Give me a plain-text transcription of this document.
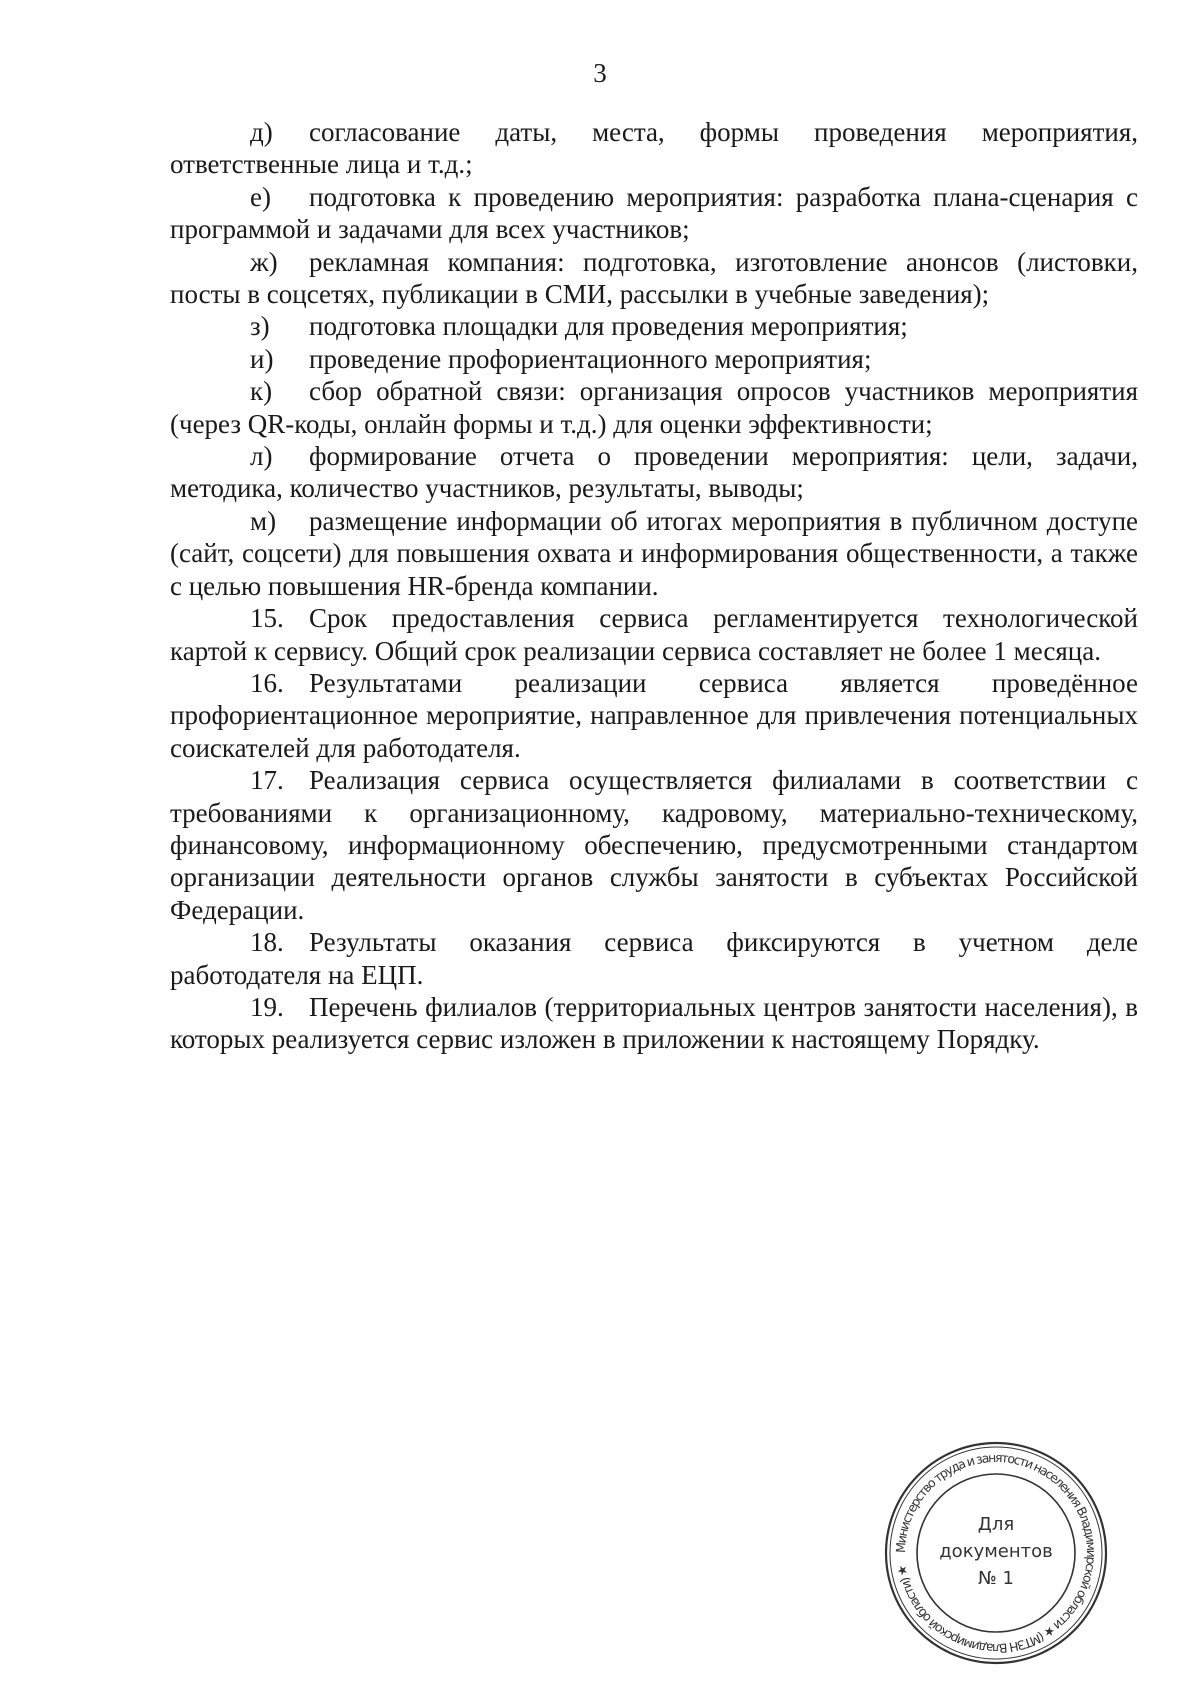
3

д) согласование даты, места, формы проведения мероприятия, ответственные лица и т.д.;

е) подготовка к проведению мероприятия: разработка плана-сценария с программой и задачами для всех участников;

ж) рекламная компания: подготовка, изготовление анонсов (листовки, посты в соцсетях, публикации в СМИ, рассылки в учебные заведения);

з) подготовка площадки для проведения мероприятия;

и) проведение профориентационного мероприятия;

к) сбор обратной связи: организация опросов участников мероприятия (через QR-коды, онлайн формы и т.д.) для оценки эффективности;

л) формирование отчета о проведении мероприятия: цели, задачи, методика, количество участников, результаты, выводы;

м) размещение информации об итогах мероприятия в публичном доступе (сайт, соцсети) для повышения охвата и информирования общественности, а также с целью повышения HR-бренда компании.

15. Срок предоставления сервиса регламентируется технологической картой к сервису. Общий срок реализации сервиса составляет не более 1 месяца.

16. Результатами реализации сервиса является проведённое профориентационное мероприятие, направленное для привлечения потенциальных соискателей для работодателя.

17. Реализация сервиса осуществляется филиалами в соответствии с требованиями к организационному, кадровому, материально-техническому, финансовому, информационному обеспечению, предусмотренными стандартом организации деятельности органов службы занятости в субъектах Российской Федерации.

18. Результаты оказания сервиса фиксируются в учетном деле работодателя на ЕЦП.

19. Перечень филиалов (территориальных центров занятости населения), в которых реализуется сервис изложен в приложении к настоящему Порядку.

Министерство труда и занятости населения Владимирской области ★ (МТЗН Владимирской области) ★
Для
документов
№ 1
